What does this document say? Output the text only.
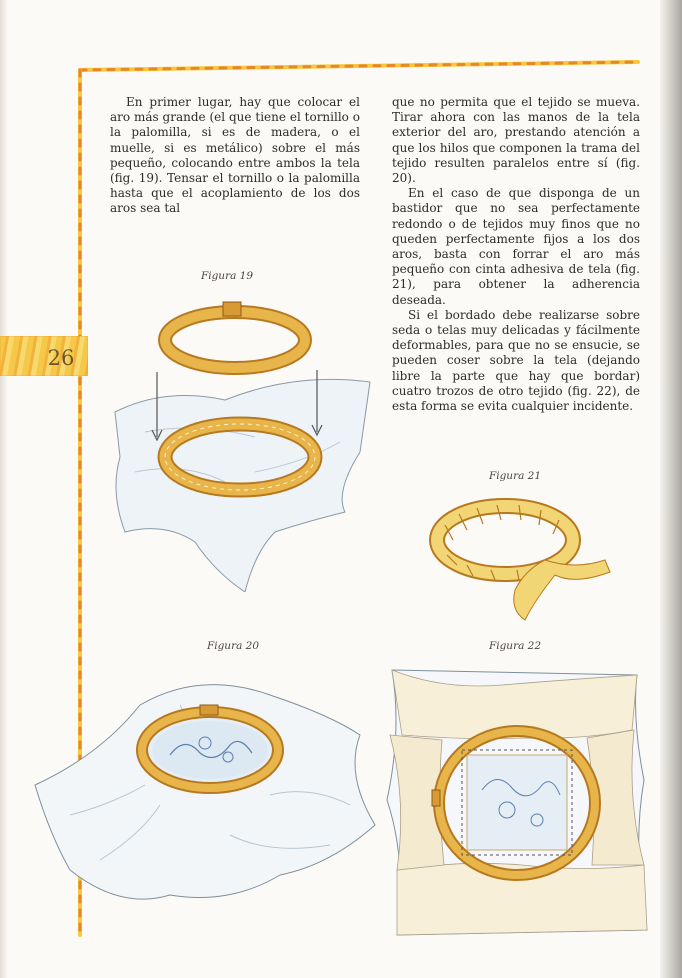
26

En primer lugar, hay que colocar el aro más grande (el que tiene el tornillo o la palomilla, si es de madera, o el muelle, si es metálico) sobre el más pequeño, colocando entre ambos la tela (fig. 19). Tensar el tornillo o la palomilla hasta que el acoplamiento de los dos aros sea tal

que no permita que el tejido se mueva. Tirar ahora con las manos de la tela exterior del aro, prestando atención a que los hilos que componen la trama del tejido resulten paralelos entre sí (fig. 20).

En el caso de que disponga de un bastidor que no sea perfectamente redondo o de tejidos muy finos que no queden perfectamente fijos a los dos aros, basta con forrar el aro más pequeño con cinta adhesiva de tela (fig. 21), para obtener la adherencia deseada.

Si el bordado debe realizarse sobre seda o telas muy delicadas y fácilmente deformables, para que no se ensucie, se pueden coser sobre la tela (dejando libre la parte que hay que bordar) cuatro trozos de otro tejido (fig. 22), de esta forma se evita cualquier incidente.

Figura 19
Figura 20
Figura 21
Figura 22
